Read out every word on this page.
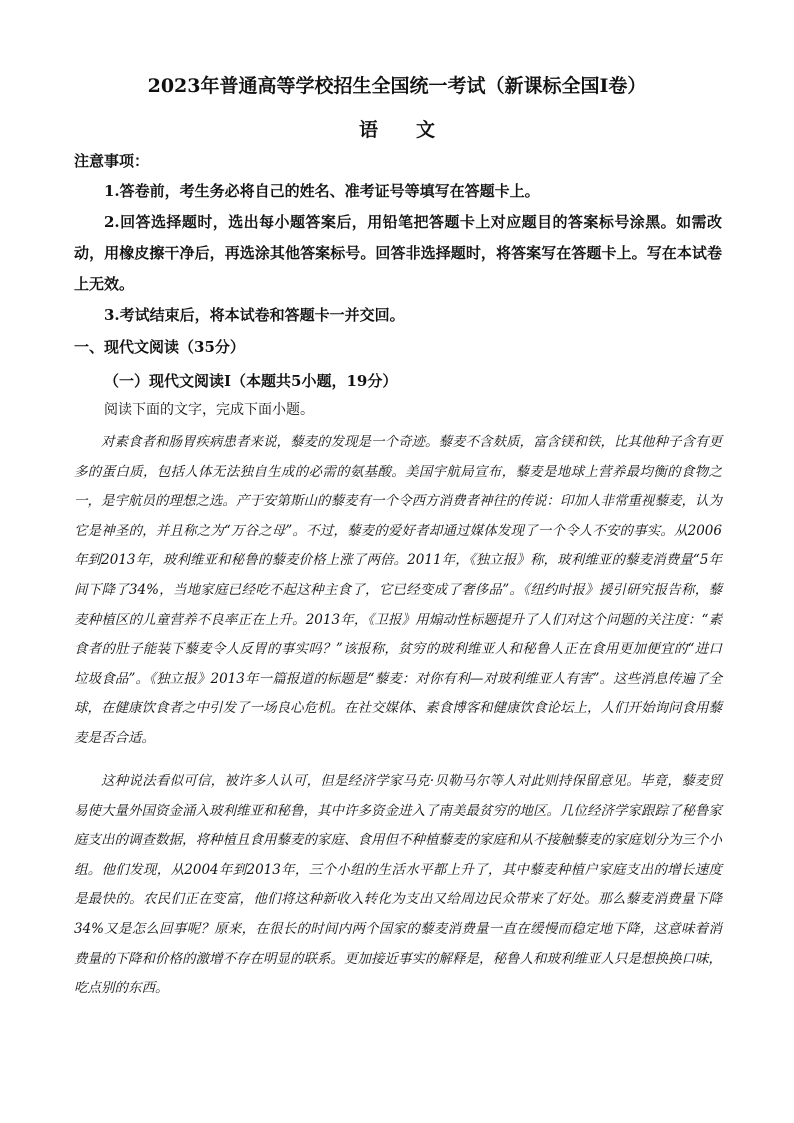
2023年普通高等学校招生全国统一考试（新课标全国Ⅰ卷）
语文
注意事项：

1.答卷前，考生务必将自己的姓名、准考证号等填写在答题卡上。

2.回答选择题时，选出每小题答案后，用铅笔把答题卡上对应题目的答案标号涂黑。如需改动，用橡皮擦干净后，再选涂其他答案标号。回答非选择题时，将答案写在答题卡上。写在本试卷上无效。

3.考试结束后，将本试卷和答题卡一并交回。

一、现代文阅读（35分）
（一）现代文阅读Ⅰ（本题共5小题，19分）
阅读下面的文字，完成下面小题。

对素食者和肠胃疾病患者来说，藜麦的发现是一个奇迹。藜麦不含麸质，富含镁和铁，比其他种子含有更多的蛋白质，包括人体无法独自生成的必需的氨基酸。美国宇航局宣布，藜麦是地球上营养最均衡的食物之一，是宇航员的理想之选。产于安第斯山的藜麦有一个令西方消费者神往的传说：印加人非常重视藜麦，认为它是神圣的，并且称之为“万谷之母”。不过，藜麦的爱好者却通过媒体发现了一个令人不安的事实。从2006年到2013年，玻利维亚和秘鲁的藜麦价格上涨了两倍。2011年，《独立报》称，玻利维亚的藜麦消费量“5年间下降了34%，当地家庭已经吃不起这种主食了，它已经变成了奢侈品”。《纽约时报》援引研究报告称，藜麦种植区的儿童营养不良率正在上升。2013年，《卫报》用煽动性标题提升了人们对这个问题的关注度：“素食者的肚子能装下藜麦令人反胃的事实吗？”该报称，贫穷的玻利维亚人和秘鲁人正在食用更加便宜的“进口垃圾食品”。《独立报》2013年一篇报道的标题是“藜麦：对你有利—对玻利维亚人有害”。这些消息传遍了全球，在健康饮食者之中引发了一场良心危机。在社交媒体、素食博客和健康饮食论坛上，人们开始询问食用藜麦是否合适。

这种说法看似可信，被许多人认可，但是经济学家马克·贝勒马尔等人对此则持保留意见。毕竟，藜麦贸易使大量外国资金涌入玻利维亚和秘鲁，其中许多资金进入了南美最贫穷的地区。几位经济学家跟踪了秘鲁家庭支出的调查数据，将种植且食用藜麦的家庭、食用但不种植藜麦的家庭和从不接触藜麦的家庭划分为三个小组。他们发现，从2004年到2013年，三个小组的生活水平都上升了，其中藜麦种植户家庭支出的增长速度是最快的。农民们正在变富，他们将这种新收入转化为支出又给周边民众带来了好处。那么藜麦消费量下降34%又是怎么回事呢？原来，在很长的时间内两个国家的藜麦消费量一直在缓慢而稳定地下降，这意味着消费量的下降和价格的激增不存在明显的联系。更加接近事实的解释是，秘鲁人和玻利维亚人只是想换换口味，吃点别的东西。
